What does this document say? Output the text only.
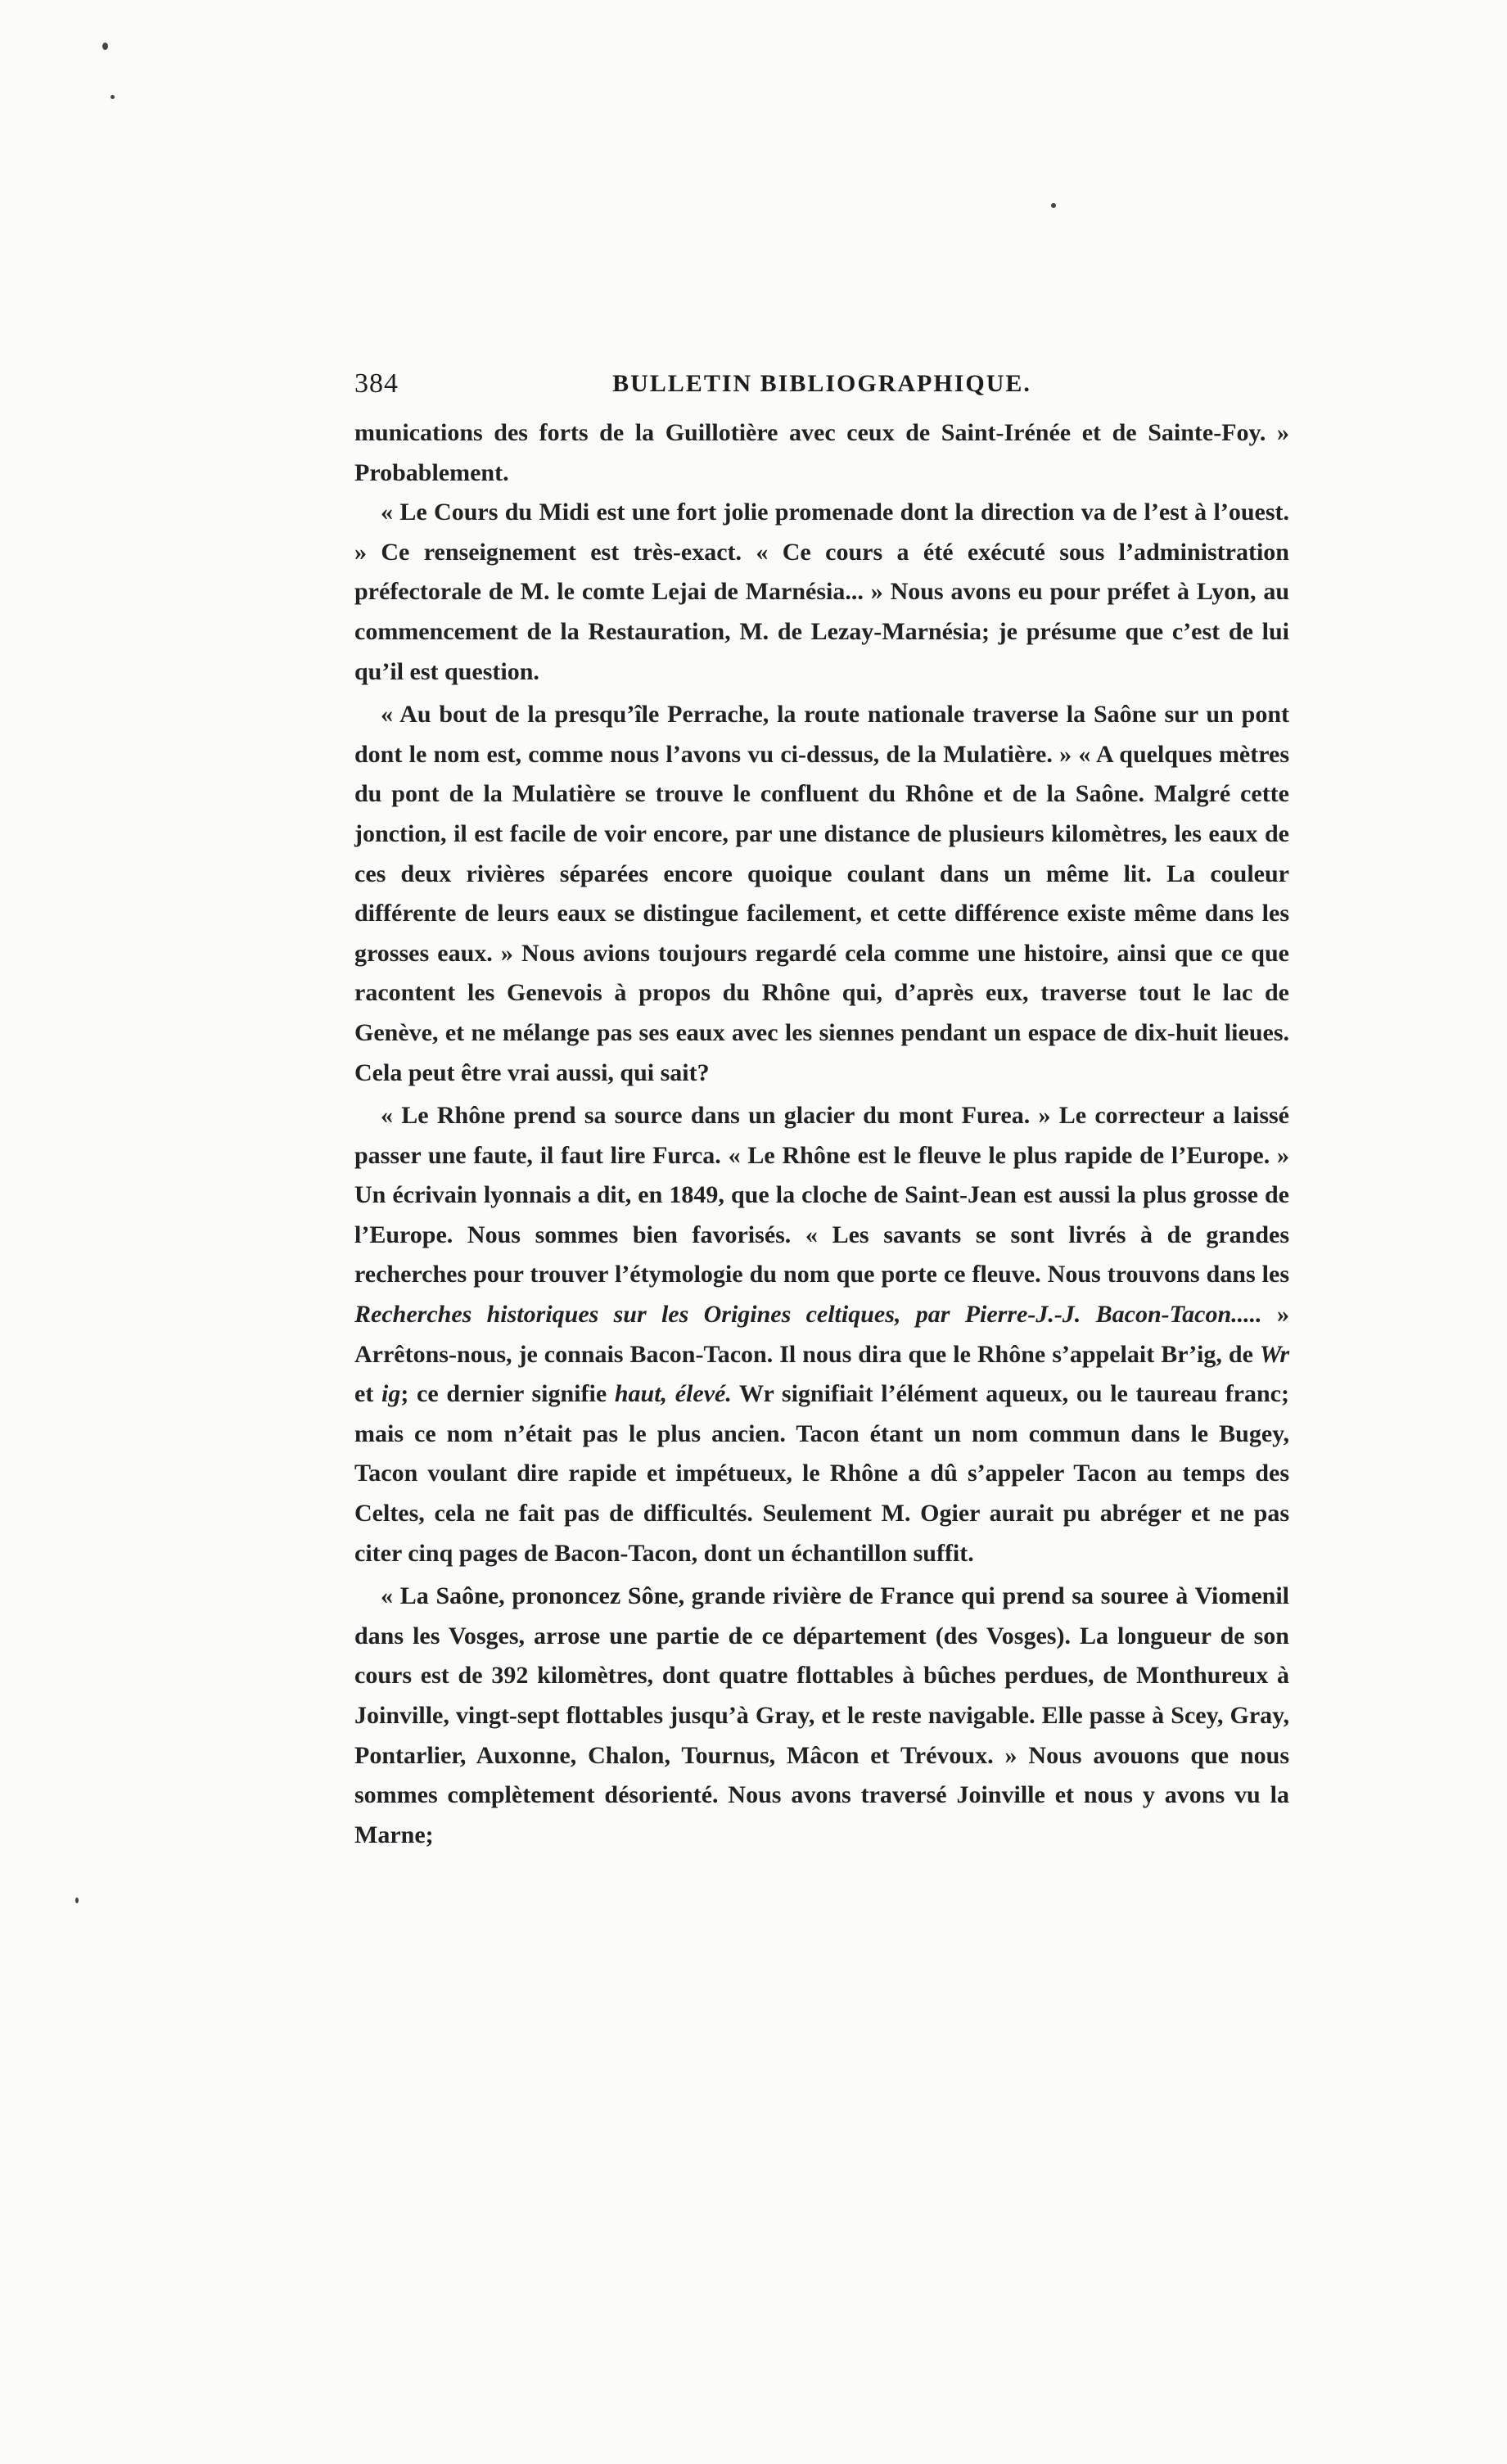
384	BULLETIN BIBLIOGRAPHIQUE.

munications des forts de la Guillotière avec ceux de Saint-Irénée et de Sainte-Foy. » Probablement.

« Le Cours du Midi est une fort jolie promenade dont la direction va de l’est à l’ouest. » Ce renseignement est très-exact. « Ce cours a été exécuté sous l’administration préfectorale de M. le comte Lejai de Marnésia... » Nous avons eu pour préfet à Lyon, au commencement de la Restauration, M. de Lezay-Marnésia; je présume que c’est de lui qu’il est question.

« Au bout de la presqu’île Perrache, la route nationale traverse la Saône sur un pont dont le nom est, comme nous l’avons vu ci-dessus, de la Mulatière. » « A quelques mètres du pont de la Mulatière se trouve le confluent du Rhône et de la Saône. Malgré cette jonction, il est facile de voir encore, par une distance de plusieurs kilomètres, les eaux de ces deux rivières séparées encore quoique coulant dans un même lit. La couleur différente de leurs eaux se distingue facilement, et cette différence existe même dans les grosses eaux. » Nous avions toujours regardé cela comme une histoire, ainsi que ce que racontent les Genevois à propos du Rhône qui, d’après eux, traverse tout le lac de Genève, et ne mélange pas ses eaux avec les siennes pendant un espace de dix-huit lieues. Cela peut être vrai aussi, qui sait?

« Le Rhône prend sa source dans un glacier du mont Furea. » Le correcteur a laissé passer une faute, il faut lire Furca. « Le Rhône est le fleuve le plus rapide de l’Europe. » Un écrivain lyonnais a dit, en 1849, que la cloche de Saint-Jean est aussi la plus grosse de l’Europe. Nous sommes bien favorisés. « Les savants se sont livrés à de grandes recherches pour trouver l’étymologie du nom que porte ce fleuve. Nous trouvons dans les Recherches historiques sur les Origines celtiques, par Pierre-J.-J. Bacon-Tacon..... » Arrêtons-nous, je connais Bacon-Tacon. Il nous dira que le Rhône s’appelait Br’ig, de Wr et ig; ce dernier signifie haut, élevé. Wr signifiait l’élément aqueux, ou le taureau franc; mais ce nom n’était pas le plus ancien. Tacon étant un nom commun dans le Bugey, Tacon voulant dire rapide et impétueux, le Rhône a dû s’appeler Tacon au temps des Celtes, cela ne fait pas de difficultés. Seulement M. Ogier aurait pu abréger et ne pas citer cinq pages de Bacon-Tacon, dont un échantillon suffit.

« La Saône, prononcez Sône, grande rivière de France qui prend sa souree à Viomenil dans les Vosges, arrose une partie de ce département (des Vosges). La longueur de son cours est de 392 kilomètres, dont quatre flottables à bûches perdues, de Monthureux à Joinville, vingt-sept flottables jusqu’à Gray, et le reste navigable. Elle passe à Scey, Gray, Pontarlier, Auxonne, Chalon, Tournus, Mâcon et Trévoux. » Nous avouons que nous sommes complètement désorienté. Nous avons traversé Joinville et nous y avons vu la Marne;
